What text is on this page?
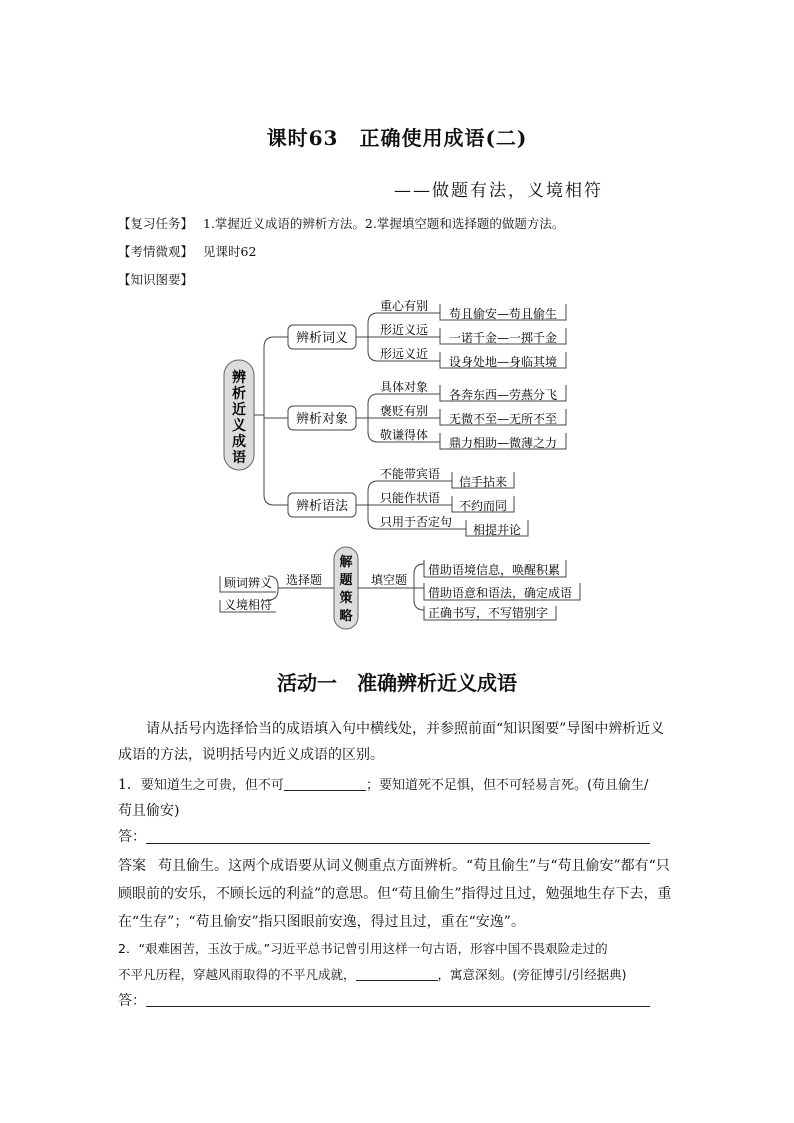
课时63　正确使用成语(二)
——做题有法，义境相符
【复习任务】 1.掌握近义成语的辨析方法。2.掌握填空题和选择题的做题方法。
【考情微观】 见课时62
【知识图要】
辨
析
近
义
成
语
辨析词义
辨析对象
辨析语法
重心有别
形近义远
形远义近
具体对象
褒贬有别
敬谦得体
不能带宾语
只能作状语
只用于否定句
苟且偷安—苟且偷生
一诺千金—一掷千金
设身处地—身临其境
各奔东西—劳燕分飞
无微不至—无所不至
鼎力相助—微薄之力
信手拈来
不约而同
相提并论
解
题
策
略
顾词辨义
义境相符
选择题	填空题
借助语境信息，唤醒积累
借助语意和语法，确定成语
正确书写，不写错别字
活动一　准确辨析近义成语
请从括号内选择恰当的成语填入句中横线处，并参照前面“知识图要”导图中辨析近义成语的方法，说明括号内近义成语的区别。
1．要知道生之可贵，但不可	；要知道死不足惧，但不可轻易言死。(苟且偷生/
苟且偷安)
答：
答案 苟且偷生。这两个成语要从词义侧重点方面辨析。“苟且偷生”与“苟且偷安”都有“只顾眼前的安乐，不顾长远的利益”的意思。但“苟且偷生”指得过且过，勉强地生存下去，重在“生存”；“苟且偷安”指只图眼前安逸，得过且过，重在“安逸”。
2．“艰难困苦，玉汝于成。”习近平总书记曾引用这样一句古语，形容中国不畏艰险走过的
不平凡历程，穿越风雨取得的不平凡成就，	，寓意深刻。(旁征博引/引经据典)
答：
